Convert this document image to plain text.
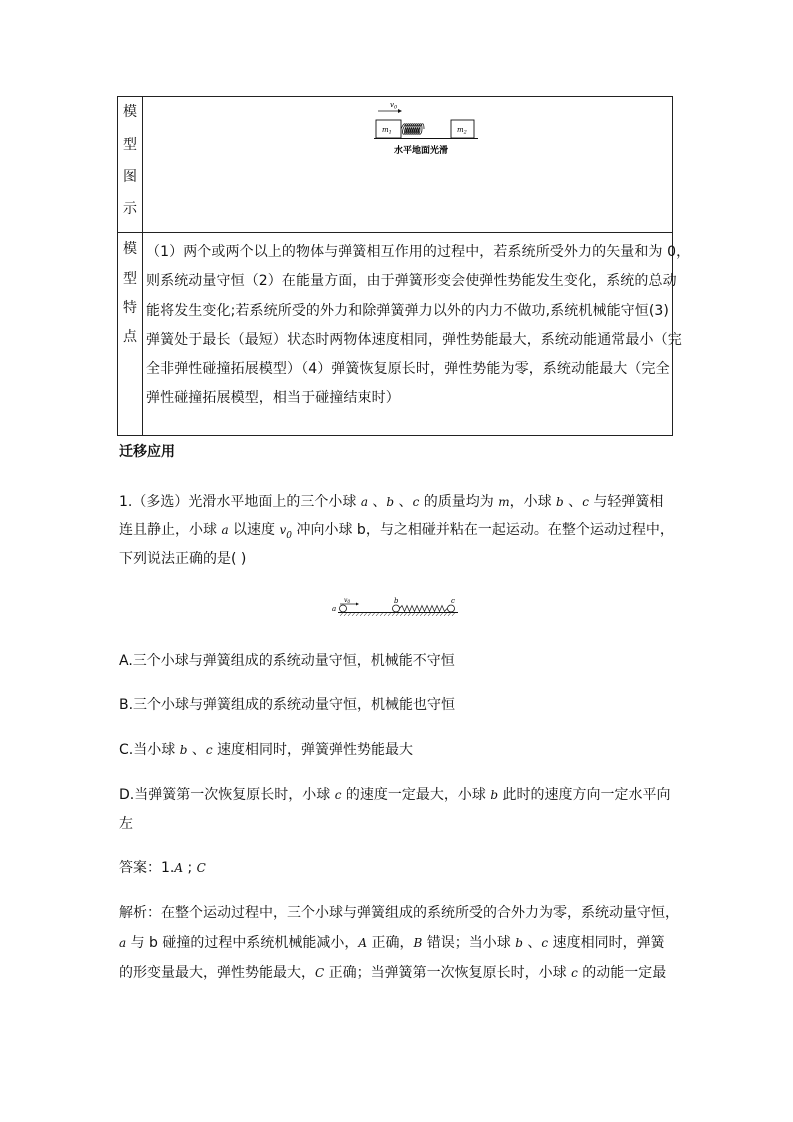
模
型
图
示
$v_0$
$m_1$	$m_2$
水平地面光滑
模
型
特
点
（1）两个或两个以上的物体与弹簧相互作用的过程中，若系统所受外力的矢量和为 0，
则系统动量守恒（2）在能量方面，由于弹簧形变会使弹性势能发生变化，系统的总动
能将发生变化;若系统所受的外力和除弹簧弹力以外的内力不做功,系统机械能守恒(3)
弹簧处于最长（最短）状态时两物体速度相同，弹性势能最大，系统动能通常最小（完
全非弹性碰撞拓展模型）（4）弹簧恢复原长时，弹性势能为零，系统动能最大（完全
弹性碰撞拓展模型，相当于碰撞结束时）
迁移应用
1.（多选）光滑水平地面上的三个小球 a 、b 、c 的质量均为 m，小球 b 、c 与轻弹簧相
连且静止，小球 a 以速度 $v_0$ 冲向小球 b，与之相碰并粘在一起运动。在整个运动过程中，
下列说法正确的是( )
a
v0	b	c
A.三个小球与弹簧组成的系统动量守恒，机械能不守恒
B.三个小球与弹簧组成的系统动量守恒，机械能也守恒
C.当小球 b 、c 速度相同时，弹簧弹性势能最大
D.当弹簧第一次恢复原长时，小球 c 的速度一定最大，小球 b 此时的速度方向一定水平向
左
答案：1.A ; C
解析：在整个运动过程中，三个小球与弹簧组成的系统所受的合外力为零，系统动量守恒，
a 与 b 碰撞的过程中系统机械能减小，A 正确，B 错误；当小球 b 、c 速度相同时，弹簧
的形变量最大，弹性势能最大，C 正确；当弹簧第一次恢复原长时，小球 c 的动能一定最
